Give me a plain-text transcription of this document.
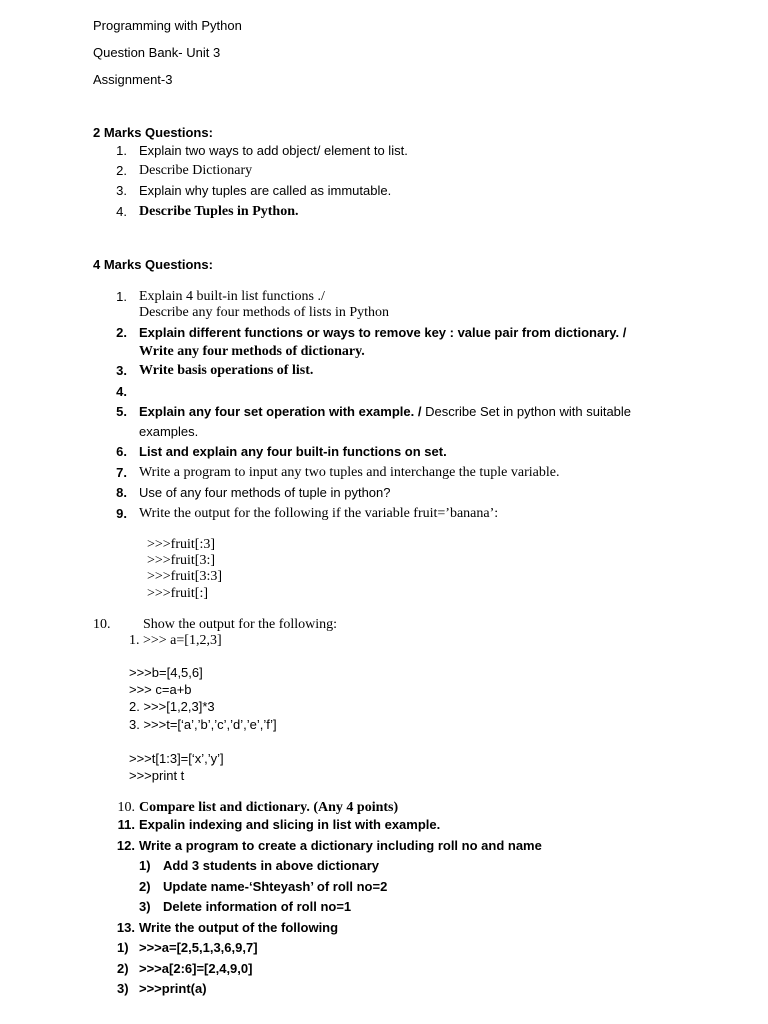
Programming with Python
Question Bank- Unit 3
Assignment-3
2 Marks Questions:
1. Explain two ways to add object/ element to list.
2. Describe Dictionary
3. Explain why tuples are called as immutable.
4. Describe Tuples in Python.
4 Marks Questions:
1. Explain 4 built-in list functions ./
Describe any four methods of lists in Python
2. Explain different functions or ways to remove key : value pair from dictionary. /
Write any four methods of dictionary.
3. Write basis operations of list.
4.
5. Explain any four set operation with example. / Describe Set in python with suitable
examples.
6. List and explain any four built-in functions on set.
7. Write a program to input any two tuples and interchange the tuple variable.
8. Use of any four methods of tuple in python?
9. Write the output for the following if the variable fruit=’banana’:
>>>fruit[:3]
>>>fruit[3:]
>>>fruit[3:3]
>>>fruit[:]
10. Show the output for the following:
1. >>> a=[1,2,3]
>>>b=[4,5,6]
>>> c=a+b
2. >>>[1,2,3]*3
3. >>>t=[‘a’,’b’,’c’,’d’,’e’,’f’]
>>>t[1:3]=[‘x’,’y’]
>>>print t
10. Compare list and dictionary. (Any 4 points)
11. Expalin indexing and slicing in list with example.
12. Write a program to create a dictionary including roll no and name
1) Add 3 students in above dictionary
2) Update name-‘Shteyash’ of roll no=2
3) Delete information of roll no=1
13. Write the output of the following
1) >>>a=[2,5,1,3,6,9,7]
2) >>>a[2:6]=[2,4,9,0]
3) >>>print(a)
